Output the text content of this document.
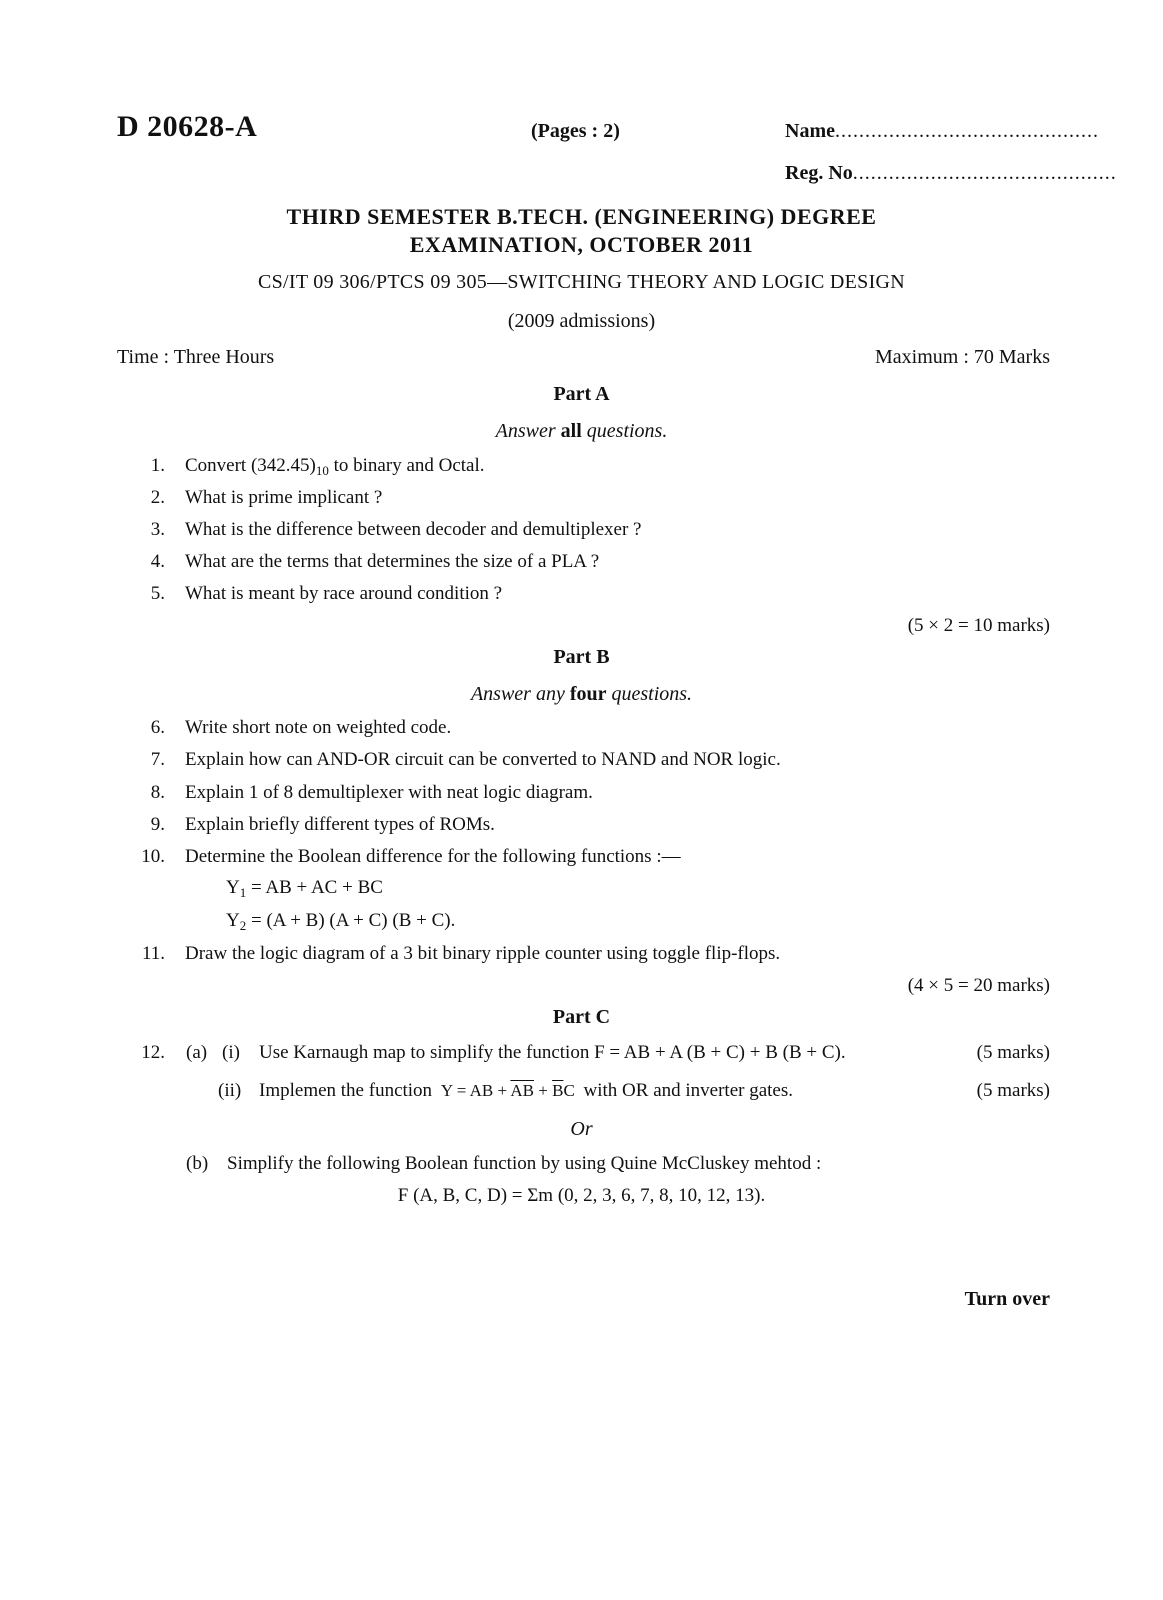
D 20628-A	(Pages : 2)	Name............................................
Reg. No............................................
THIRD SEMESTER B.TECH. (ENGINEERING) DEGREE
EXAMINATION, OCTOBER 2011
CS/IT 09 306/PTCS 09 305—SWITCHING THEORY AND LOGIC DESIGN
(2009 admissions)
Time : Three Hours	Maximum : 70 Marks
Part A
Answer all questions.
1. Convert $(342.45)_{10}$ to binary and Octal.
2. What is prime implicant ?
3. What is the difference between decoder and demultiplexer ?
4. What are the terms that determines the size of a PLA ?
5. What is meant by race around condition ?
(5 × 2 = 10 marks)
Part B
Answer any four questions.
6. Write short note on weighted code.
7. Explain how can AND-OR circuit can be converted to NAND and NOR logic.
8. Explain 1 of 8 demultiplexer with neat logic diagram.
9. Explain briefly different types of ROMs.
10. Determine the Boolean difference for the following functions :—
$Y_1$ = AB + AC + BC
$Y_2 = (A + B) (A + C) (B + C)$.
11. Draw the logic diagram of a 3 bit binary ripple counter using toggle flip-flops.
(4 × 5 = 20 marks)
Part C
12. (a) (i) Use Karnaugh map to simplify the function F = AB + A (B + C) + B (B + C).	(5 marks)
(ii) Implemen the function Y = AB + $\overline{AB} + \overline{B}C$ with OR and inverter gates.	(5 marks)
Or
(b) Simplify the following Boolean function by using Quine McCluskey mehtod :
F (A, B, C, D) = Σm (0, 2, 3, 6, 7, 8, 10, 12, 13).
Turn over
